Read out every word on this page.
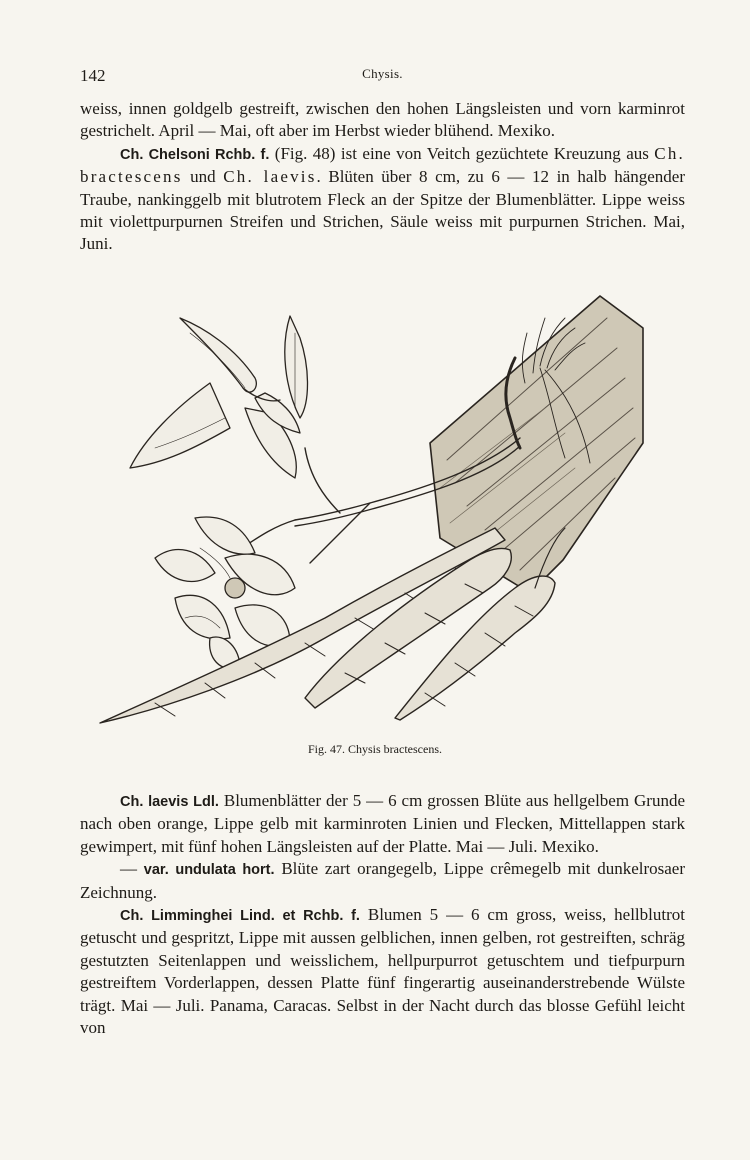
142	Chysis.

weiss, innen goldgelb gestreift, zwischen den hohen Längsleisten und vorn karminrot gestrichelt. April — Mai, oft aber im Herbst wieder blühend. Mexiko.

Ch. Chelsoni Rchb. f. (Fig. 48) ist eine von Veitch gezüchtete Kreuzung aus Ch. bractescens und Ch. laevis. Blüten über 8 cm, zu 6 — 12 in halb hängender Traube, nankinggelb mit blutrotem Fleck an der Spitze der Blumenblätter. Lippe weiss mit violettpurpurnen Streifen und Strichen, Säule weiss mit purpurnen Strichen. Mai, Juni.

Fig. 47. Chysis bractescens.

Ch. laevis Ldl. Blumenblätter der 5 — 6 cm grossen Blüte aus hellgelbem Grunde nach oben orange, Lippe gelb mit karminroten Linien und Flecken, Mittellappen stark gewimpert, mit fünf hohen Längsleisten auf der Platte. Mai — Juli. Mexiko.

— var. undulata hort. Blüte zart orangegelb, Lippe crêmegelb mit dunkelrosaer Zeichnung.

Ch. Limminghei Lind. et Rchb. f. Blumen 5 — 6 cm gross, weiss, hellblutrot getuscht und gespritzt, Lippe mit aussen gelblichen, innen gelben, rot gestreiften, schräg gestutzten Seitenlappen und weisslichem, hellpurpurrot getuschtem und tiefpurpurn gestreiftem Vorderlappen, dessen Platte fünf fingerartig auseinanderstrebende Wülste trägt. Mai — Juli. Panama, Caracas. Selbst in der Nacht durch das blosse Gefühl leicht von
